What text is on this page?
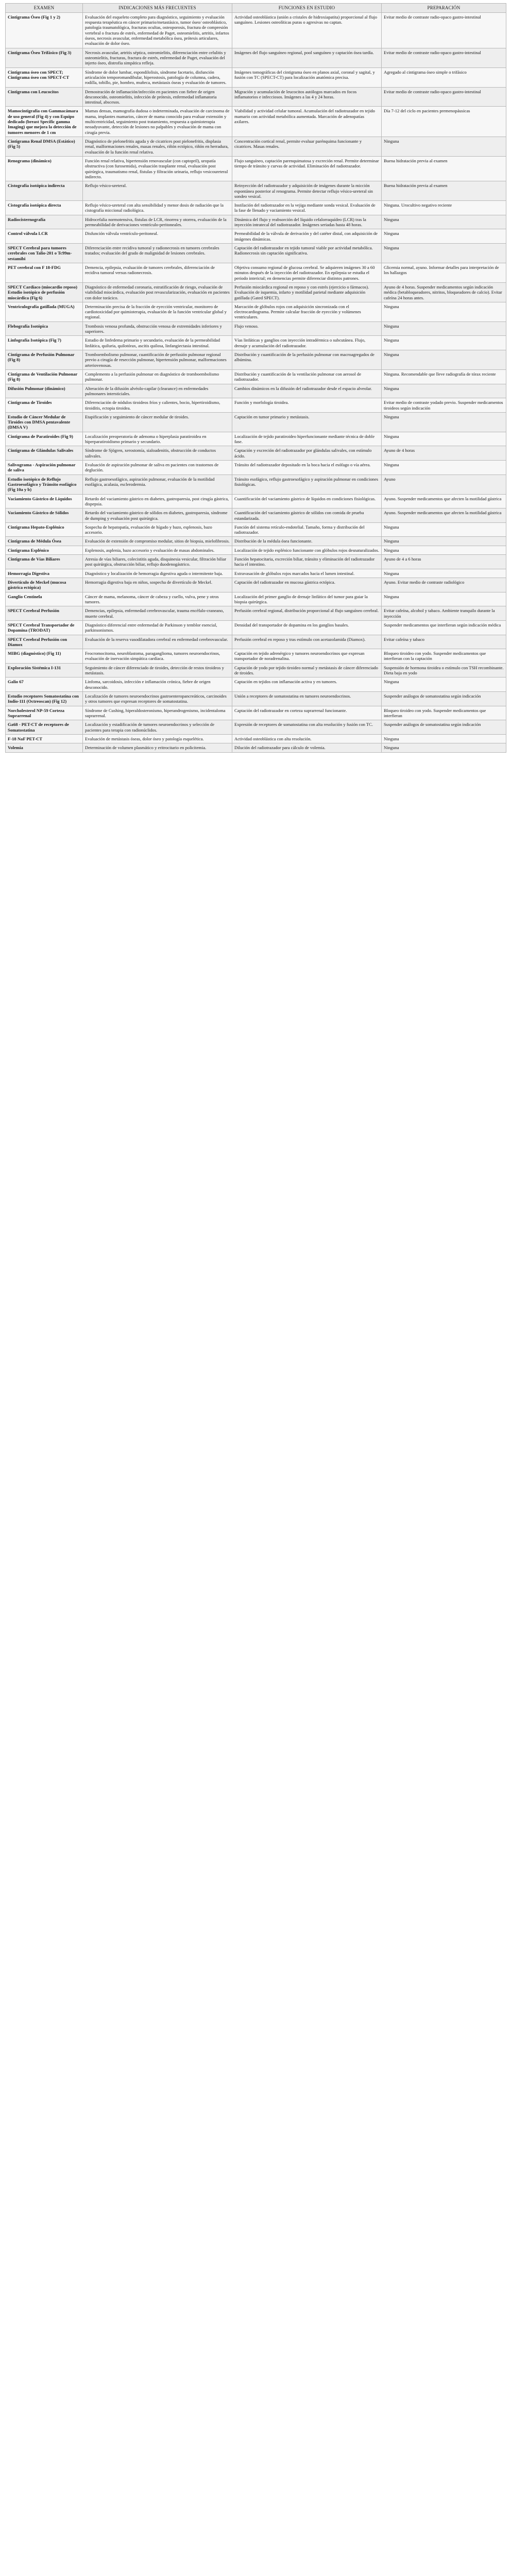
EXAMEN	INDICACIONES MÁS FRECUENTES	FUNCIONES EN ESTUDIO	PREPARACIÓN
Cintigrama Óseo (Fig 1 y 2)	Evaluación del esqueleto completo para diagnóstico, seguimiento y evaluación respuesta terapéutica en cáncer primario/metastásico, tumor óseo/ osteoblástico, patología traumatológica, fracturas ocultas, osteoporosis, fractura de compresión vertebral o fractura de estrés, enfermedad de Paget, osteomielitis, artritis, infartos óseos, necrosis avascular, enfermedad metabólica ósea, prótesis articulares, evaluación de dolor óseo.	Actividad osteoblástica (unión a cristales de hidroxiapatita) proporcional al flujo sanguíneo. Lesiones osteolíticas puras o agresivas no captan.	Evitar medio de contraste radio-opaco gastro-intestinal
Cintigrama Óseo Trifásico (Fig 3)	Necrosis avascular, artritis séptica, osteomielitis, diferenciación entre celulitis y osteomielitis, fracturas, fractura de estrés, enfermedad de Paget, evaluación del injerto óseo, distrofia simpática refleja.	Imágenes del flujo sanguíneo regional, pool sanguíneo y captación ósea tardía.	Evitar medio de contraste radio-opaco gastro-intestinal
Cintigrama óseo con SPECT; Cintigrama óseo con SPECT-CT	Síndrome de dolor lumbar, espondilolisis, síndrome facetario, disfunción articulación temporomandibular, hiperostosis, patología de columna, cadera, rodilla, tobillo, pie, hombro, muñeca, metástasis óseas y evaluación de tumores.	Imágenes tomográficas del cintigrama óseo en planos axial, coronal y sagital, y fusión con TC (SPECT-CT) para localización anatómica precisa.	Agregado al cintigrama óseo simple o trifásico
Cintigrama con Leucocitos	Demostración de inflamación/infección en pacientes con fiebre de origen desconocido, osteomielitis, infección de prótesis, enfermedad inflamatoria intestinal, abscesos.	Migración y acumulación de leucocitos autólogos marcados en focos inflamatorios e infecciosos. Imágenes a las 4 y 24 horas.	Evitar medio de contraste radio-opaco gastro-intestinal
Mamocintigrafía con Gammacámara de uso general (Fig 4) y con Equipo dedicado (breast Specific gamma Imaging) que mejora la detección de tumores menores de 1 cm	Mamas densas, mamografía dudosa o indeterminada, evaluación de carcinoma de mama, implantes mamarios, cáncer de mama conocido para evaluar extensión y multicentricidad, seguimiento post tratamiento, respuesta a quimioterapia neoadyuvante, detección de lesiones no palpables y evaluación de mama con cirugía previa.	Viabilidad y actividad celular tumoral. Acumulación del radiotrazador en tejido mamario con actividad metabólica aumentada. Marcación de adenopatías axilares.	Día 7-12 del ciclo en pacientes premenopáusicas
Cintigrama Renal DMSA (Estático) (Fig 5)	Diagnóstico de pielonefritis aguda y de cicatrices post pielonefritis, displasia renal, malformaciones renales, masas renales, riñón ectópico, riñón en herradura, evaluación de la función renal relativa.	Concentración cortical renal, permite evaluar parénquima funcionante y cicatrices. Masas renales.	Ninguna
Renograma (dinámico)	Función renal relativa, hipertensión renovascular (con captopril), uropatía obstructiva (con furosemida), evaluación trasplante renal, evaluación post quirúrgica, traumatismo renal, fístulas y filtración urinaria, reflujo vesicoureteral indirecto.	Flujo sanguíneo, captación parenquimatosa y excreción renal. Permite determinar tiempo de tránsito y curvas de actividad. Eliminación del radiotrazador.	Buena hidratación previa al examen
Cistografía isotópica indirecta	Reflujo vésico-ureteral.	Reinyección del radiotrazador y adquisición de imágenes durante la micción espontánea posterior al renograma. Permite detectar reflujo vésico-ureteral sin sondeo vesical.	Buena hidratación previa al examen
Cistografía isotópica directa	Reflujo vésico-ureteral con alta sensibilidad y menor dosis de radiación que la cistografía miccional radiológica.	Instilación del radiotrazador en la vejiga mediante sonda vesical. Evaluación de la fase de llenado y vaciamiento vesical.	Ninguna. Urocultivo negativo reciente
Radiocisternografía	Hidrocefalia normotensiva, fístulas de LCR, rinorrea y otorrea, evaluación de la permeabilidad de derivaciones ventrículo-peritoneales.	Dinámica del flujo y reabsorción del líquido cefalorraquídeo (LCR) tras la inyección intratecal del radiotrazador. Imágenes seriadas hasta 48 horas.	Ninguna
Control válvula LCR	Disfunción válvula ventrículo-peritoneal.	Permeabilidad de la válvula de derivación y del catéter distal, con adquisición de imágenes dinámicas.	Ninguna
SPECT Cerebral para tumores cerebrales con Talio-201 o Tc99m-sestamibi	Diferenciación entre recidiva tumoral y radionecrosis en tumores cerebrales tratados; evaluación del grado de malignidad de lesiones cerebrales.	Captación del radiotrazador en tejido tumoral viable por actividad metabólica. Radionecrosis sin captación significativa.	Ninguna
PET cerebral con F 18-FDG	Demencia, epilepsia, evaluación de tumores cerebrales, diferenciación de recidiva tumoral versus radionecrosis.	Objetiva consumo regional de glucosa cerebral. Se adquieren imágenes 30 a 60 minutos después de la inyección del radiotrazador. En epilepsia se estudia el periodo interictal; en demencias permite diferenciar distintos patrones.	Glicemia normal, ayuno. Informar detalles para interpretación de los hallazgos
SPECT Cardíaco (miocardio reposo) Estudio isotópico de perfusión miocárdica (Fig 6)	Diagnóstico de enfermedad coronaria, estratificación de riesgo, evaluación de viabilidad miocárdica, evaluación post revascularización, evaluación en pacientes con dolor torácico.	Perfusión miocárdica regional en reposo y con estrés (ejercicio o fármacos). Evaluación de isquemia, infarto y motilidad parietal mediante adquisición gatillada (Gated SPECT).	Ayuno de 4 horas. Suspender medicamentos según indicación médica (betabloqueadores, nitritos, bloqueadores de calcio). Evitar cafeína 24 horas antes.
Ventriculografía gatillada (MUGA)	Determinación precisa de la fracción de eyección ventricular, monitoreo de cardiotoxicidad por quimioterapia, evaluación de la función ventricular global y regional.	Marcación de glóbulos rojos con adquisición sincronizada con el electrocardiograma. Permite calcular fracción de eyección y volúmenes ventriculares.	Ninguna
Flebografía Isotópica	Trombosis venosa profunda, obstrucción venosa de extremidades inferiores y superiores.	Flujo venoso.	Ninguna
Linfografía Isotópica (Fig 7)	Estudio de linfedema primario y secundario, evaluación de la permeabilidad linfática, quiluria, quilotórax, ascitis quilosa, linfangiectasia intestinal.	Vías linfáticas y ganglios con inyección intradérmica o subcutánea. Flujo, drenaje y acumulación del radiotrazador.	Ninguna
Cintigrama de Perfusión Pulmonar (Fig 8)	Tromboembolismo pulmonar, cuantificación de perfusión pulmonar regional previo a cirugía de resección pulmonar, hipertensión pulmonar, malformaciones arteriovenosas.	Distribución y cuantificación de la perfusión pulmonar con macroagregados de albúmina.	Ninguna
Cintigrama de Ventilación Pulmonar (Fig 8)	Complemento a la perfusión pulmonar en diagnóstico de tromboembolismo pulmonar.	Distribución y cuantificación de la ventilación pulmonar con aerosol de radiotrazador.	Ninguna. Recomendable que lleve radiografía de tórax reciente
Difusión Pulmonar (dinámico)	Alteración de la difusión alvéolo-capilar (clearance) en enfermedades pulmonares intersticiales.	Cambios dinámicos en la difusión del radiotrazador desde el espacio alveolar.	Ninguna
Cintigrama de Tiroides	Diferenciación de nódulos tiroideos fríos y calientes, bocio, hipertiroidismo, tiroiditis, ectopia tiroidea.	Función y morfología tiroidea.	Evitar medio de contraste yodado previo. Suspender medicamentos tiroideos según indicación
Estudio de Cáncer Medular de Tiroides con DMSA pentavalente (DMSA V)	Etapificación y seguimiento de cáncer medular de tiroides.	Captación en tumor primario y metástasis.	Ninguna
Cintigrama de Paratiroides (Fig 9)	Localización preoperatoria de adenoma o hiperplasia paratiroidea en hiperparatiroidismo primario y secundario.	Localización de tejido paratiroideo hiperfuncionante mediante técnica de doble fase.	Ninguna
Cintigrama de Glándulas Salivales	Síndrome de Sjögren, xerostomía, sialoadenitis, obstrucción de conductos salivales.	Captación y excreción del radiotrazador por glándulas salivales, con estímulo ácido.	Ayuno de 4 horas
Salivograma - Aspiración pulmonar de saliva	Evaluación de aspiración pulmonar de saliva en pacientes con trastornos de deglución.	Tránsito del radiotrazador depositado en la boca hacia el esófago o vía aérea.	Ninguna
Estudio isotópico de Reflujo Gastroesofágico y Tránsito esofágico (Fig 10a y b)	Reflujo gastroesofágico, aspiración pulmonar, evaluación de la motilidad esofágica, acalasia, esclerodermia.	Tránsito esofágico, reflujo gastroesofágico y aspiración pulmonar en condiciones fisiológicas.	Ayuno
Vaciamiento Gástrico de Líquidos	Retardo del vaciamiento gástrico en diabetes, gastroparesia, post cirugía gástrica, dispepsia.	Cuantificación del vaciamiento gástrico de líquidos en condiciones fisiológicas.	Ayuno. Suspender medicamentos que afecten la motilidad gástrica
Vaciamiento Gástrico de Sólidos	Retardo del vaciamiento gástrico de sólidos en diabetes, gastroparesia, síndrome de dumping y evaluación post quirúrgica.	Cuantificación del vaciamiento gástrico de sólidos con comida de prueba estandarizada.	Ayuno. Suspender medicamentos que afecten la motilidad gástrica
Cintigrama Hepato-Esplénico	Sospecha de hepatopatía, evaluación de hígado y bazo, esplenosis, bazo accesorio.	Función del sistema retículo-endotelial. Tamaño, forma y distribución del radiotrazador.	Ninguna
Cintigrama de Médula Ósea	Evaluación de extensión de compromiso medular, sitios de biopsia, mielofibrosis.	Distribución de la médula ósea funcionante.	Ninguna
Cintigrama Esplénico	Esplenosis, asplenia, bazo accesorio y evaluación de masas abdominales.	Localización de tejido esplénico funcionante con glóbulos rojos desnaturalizados.	Ninguna
Cintigrama de Vías Biliares	Atresia de vías biliares, colecistitis aguda, disquinesia vesicular, filtración biliar post quirúrgica, obstrucción biliar, reflujo duodenogástrico.	Función hepatocitaria, excreción biliar, tránsito y eliminación del radiotrazador hacia el intestino.	Ayuno de 4 a 6 horas
Hemorragia Digestiva	Diagnóstico y localización de hemorragia digestiva aguda o intermitente baja.	Extravasación de glóbulos rojos marcados hacia el lumen intestinal.	Ninguna
Divertículo de Meckel (mucosa gástrica ectópica)	Hemorragia digestiva baja en niños, sospecha de divertículo de Meckel.	Captación del radiotrazador en mucosa gástrica ectópica.	Ayuno. Evitar medio de contraste radiológico
Ganglio Centinela	Cáncer de mama, melanoma, cáncer de cabeza y cuello, vulva, pene y otros tumores.	Localización del primer ganglio de drenaje linfático del tumor para guiar la biopsia quirúrgica.	Ninguna
SPECT Cerebral Perfusión	Demencias, epilepsia, enfermedad cerebrovascular, trauma encéfalo-craneano, muerte cerebral.	Perfusión cerebral regional, distribución proporcional al flujo sanguíneo cerebral.	Evitar cafeína, alcohol y tabaco. Ambiente tranquilo durante la inyección
SPECT Cerebral Transportador de Dopamina (TRODAT)	Diagnóstico diferencial entre enfermedad de Parkinson y temblor esencial, parkinsonismos.	Densidad del transportador de dopamina en los ganglios basales.	Suspender medicamentos que interfieran según indicación médica
SPECT Cerebral Perfusión con Diamox	Evaluación de la reserva vasodilatadora cerebral en enfermedad cerebrovascular.	Perfusión cerebral en reposo y tras estímulo con acetazolamida (Diamox).	Evitar cafeína y tabaco
MIBG (diagnóstico) (Fig 11)	Feocromocitoma, neuroblastoma, paraganglioma, tumores neuroendocrinos, evaluación de inervación simpática cardíaca.	Captación en tejido adrenérgico y tumores neuroendocrinos que expresan transportador de noradrenalina.	Bloqueo tiroideo con yodo. Suspender medicamentos que interfieran con la captación
Exploración Sistémica I-131	Seguimiento de cáncer diferenciado de tiroides, detección de restos tiroideos y metástasis.	Captación de yodo por tejido tiroideo normal y metástasis de cáncer diferenciado de tiroides.	Suspensión de hormona tiroidea o estímulo con TSH recombinante. Dieta baja en yodo
Galio 67	Linfoma, sarcoidosis, infección e inflamación crónica, fiebre de origen desconocido.	Captación en tejidos con inflamación activa y en tumores.	Ninguna
Estudio receptores Somatostatina con Indio-111 (Octreoscan) (Fig 12)	Localización de tumores neuroendocrinos gastroenteropancreáticos, carcinoides y otros tumores que expresan receptores de somatostatina.	Unión a receptores de somatostatina en tumores neuroendocrinos.	Suspender análogos de somatostatina según indicación
Norcholesterol NP-59 Corteza Suprarrenal	Síndrome de Cushing, hiperaldosteronismo, hiperandrogenismo, incidentaloma suprarrenal.	Captación del radiotrazador en corteza suprarrenal funcionante.	Bloqueo tiroideo con yodo. Suspender medicamentos que interfieran
Ga68 - PET-CT de receptores de Somatostatina	Localización y estadificación de tumores neuroendocrinos y selección de pacientes para terapia con radionúclidos.	Expresión de receptores de somatostatina con alta resolución y fusión con TC.	Suspender análogos de somatostatina según indicación
F-18 NaF PET-CT	Evaluación de metástasis óseas, dolor óseo y patología esquelética.	Actividad osteoblástica con alta resolución.	Ninguna
Volemia	Determinación de volumen plasmático y eritrocitario en policitemia.	Dilución del radiotrazador para cálculo de volemia.	Ninguna
